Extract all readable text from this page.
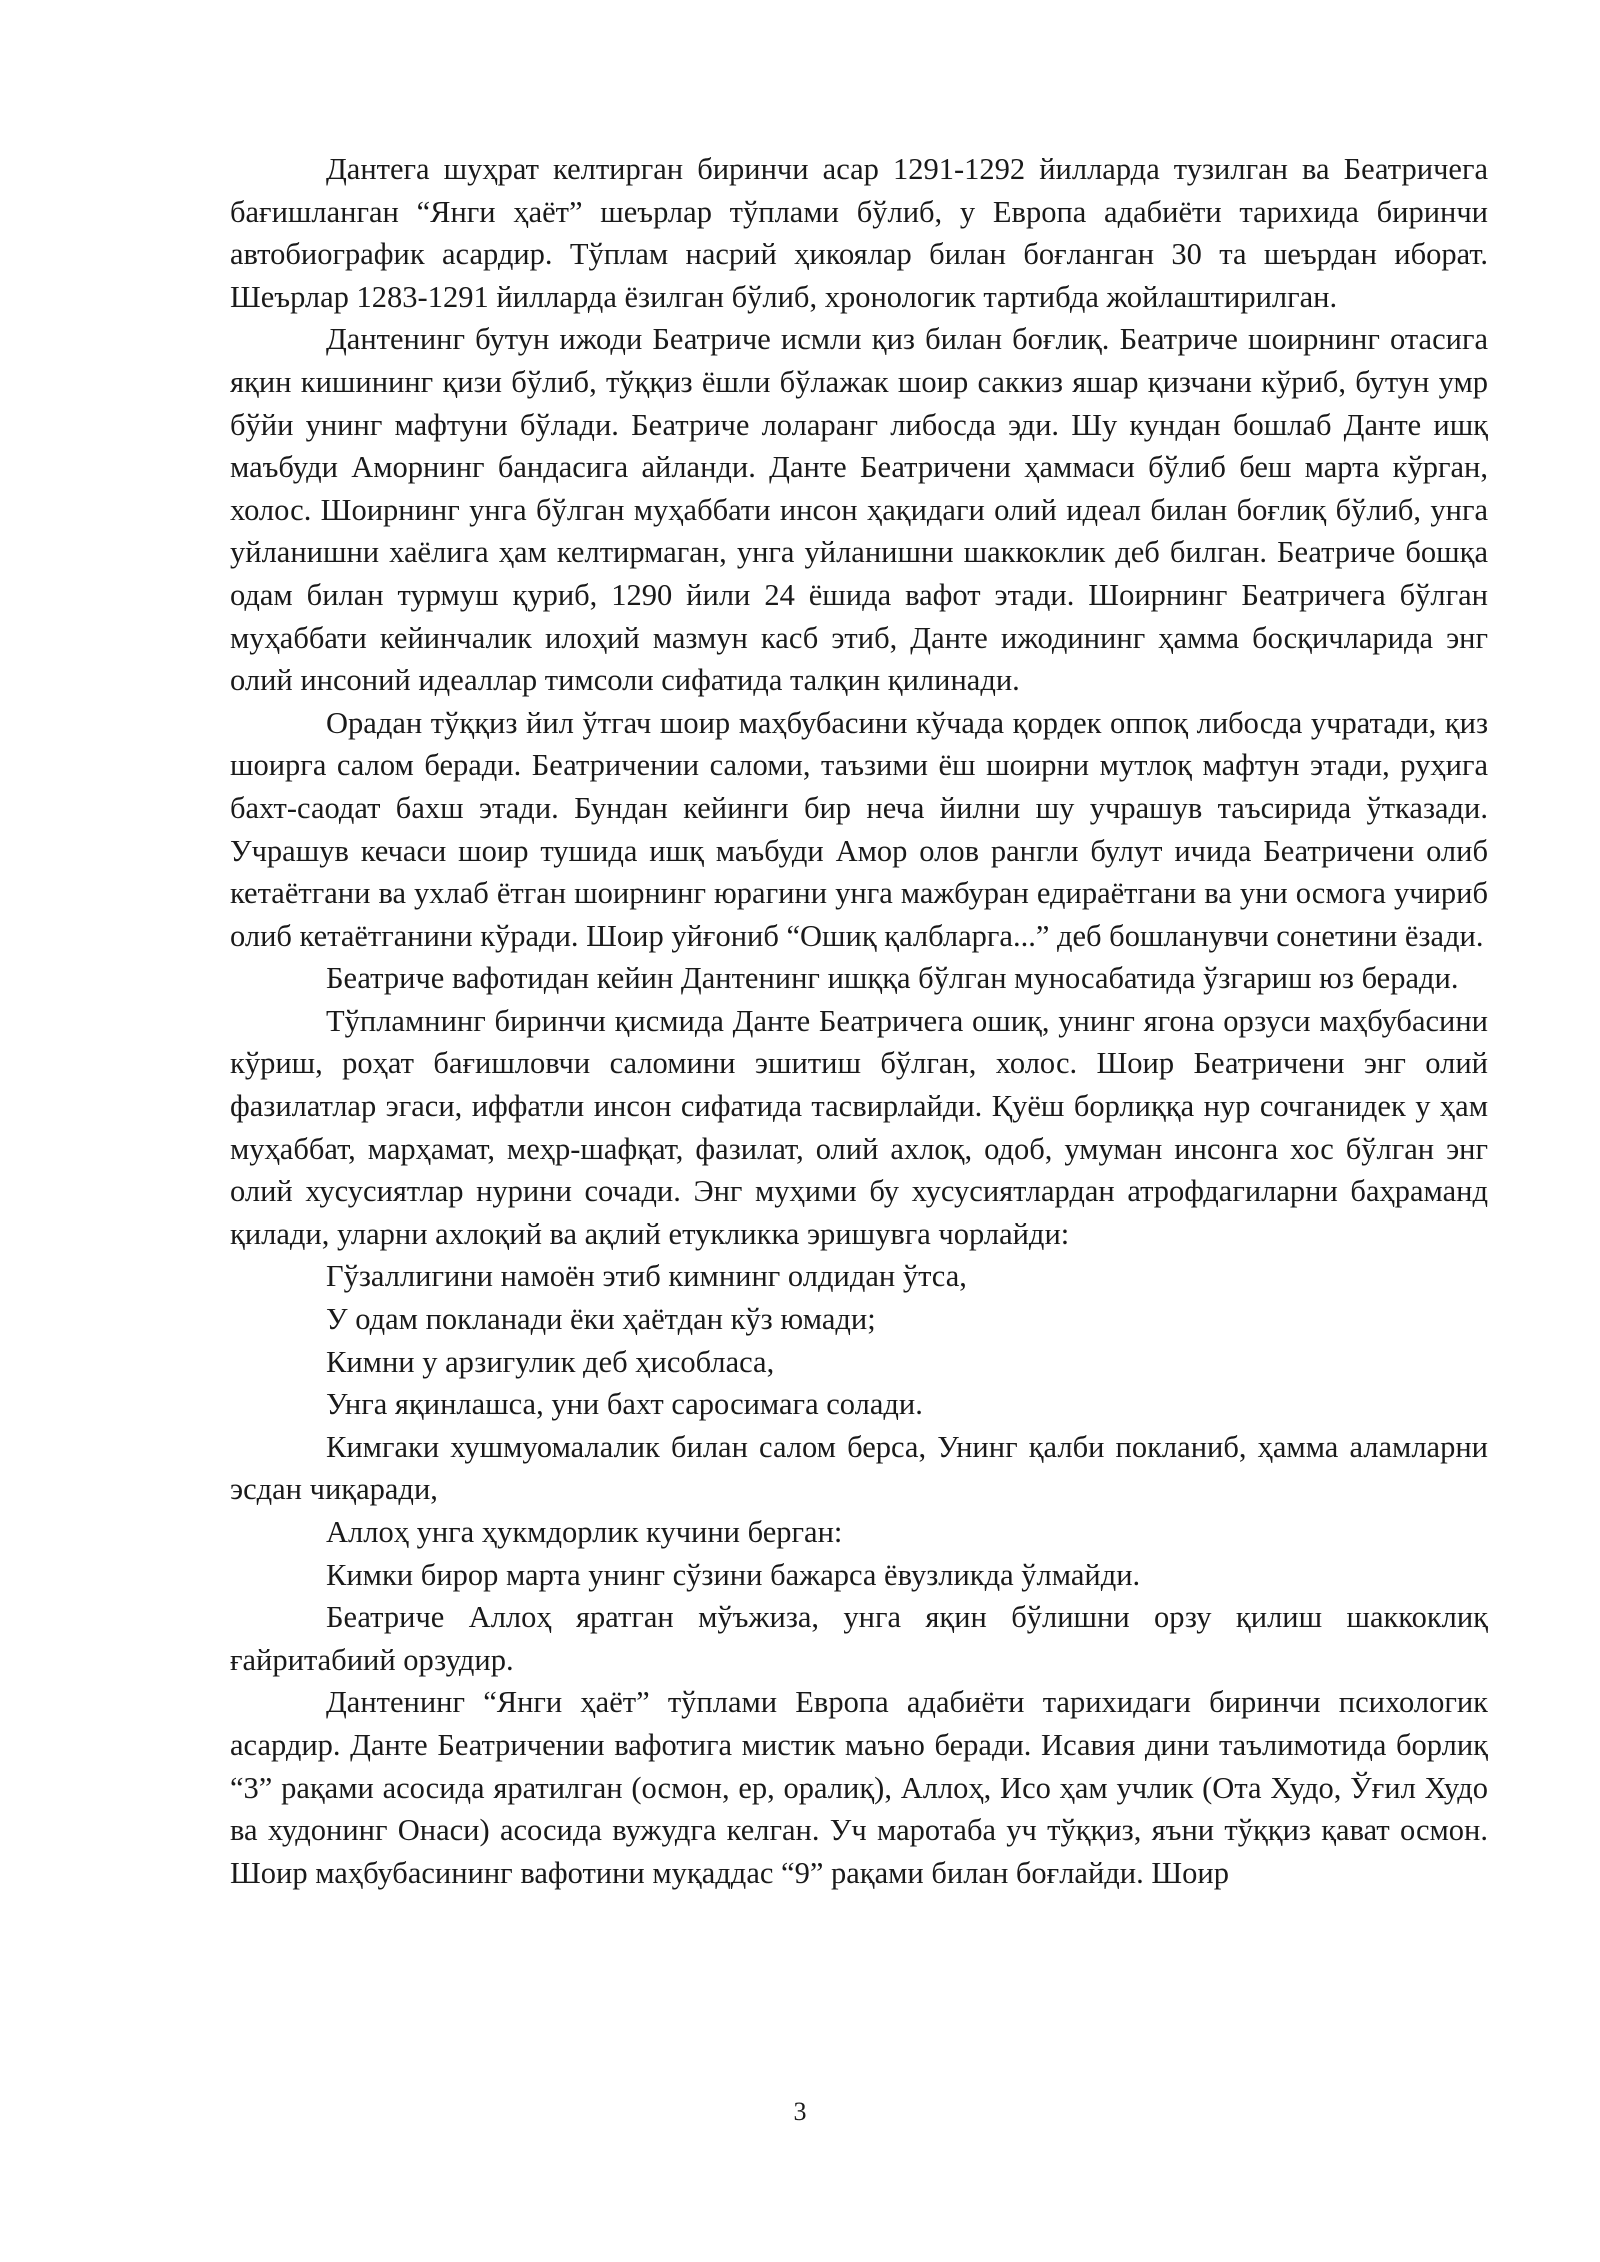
Дантега шуҳрат келтирган биринчи асар 1291-1292 йилларда тузилган ва Беатричега бағишланган “Янги ҳаёт” шеърлар тўплами бўлиб, у Европа адабиёти тарихида биринчи автобиографик асардир. Тўплам насрий ҳикоялар билан боғланган 30 та шеърдан иборат. Шеърлар 1283-1291 йилларда ёзилган бўлиб, хронологик тартибда жойлаштирилган.

Дантенинг бутун ижоди Беатриче исмли қиз билан боғлиқ. Беатриче шоирнинг отасига яқин кишининг қизи бўлиб, тўққиз ёшли бўлажак шоир саккиз яшар қизчани кўриб, бутун умр бўйи унинг мафтуни бўлади. Беатриче лоларанг либосда эди. Шу кундан бошлаб Данте ишқ маъбуди Аморнинг бандасига айланди. Данте Беатричени ҳаммаси бўлиб беш марта кўрган, холос. Шоирнинг унга бўлган муҳаббати инсон ҳақидаги олий идеал билан боғлиқ бўлиб, унга уйланишни хаёлига ҳам келтирмаган, унга уйланишни шаккоклик деб билган. Беатриче бошқа одам билан турмуш қуриб, 1290 йили 24 ёшида вафот этади. Шоирнинг Беатричега бўлган муҳаббати кейинчалик илоҳий мазмун касб этиб, Данте ижодининг ҳамма босқичларида энг олий инсоний идеаллар тимсоли сифатида талқин қилинади.

Орадан тўққиз йил ўтгач шоир маҳбубасини кўчада қордек оппоқ либосда учратади, қиз шоирга салом беради. Беатричении саломи, таъзими ёш шоирни мутлоқ мафтун этади, руҳига бахт-саодат бахш этади. Бундан кейинги бир неча йилни шу учрашув таъсирида ўтказади. Учрашув кечаси шоир тушида ишқ маъбуди Амор олов рангли булут ичида Беатричени олиб кетаётгани ва ухлаб ётган шоирнинг юрагини унга мажбуран едираётгани ва уни осмога учириб олиб кетаётганини кўради. Шоир уйғониб “Ошиқ қалбларга...” деб бошланувчи сонетини ёзади.

Беатриче вафотидан кейин Дантенинг ишққа бўлган муносабатида ўзгариш юз беради.

Тўпламнинг биринчи қисмида Данте Беатричега ошиқ, унинг ягона орзуси маҳбубасини кўриш, роҳат бағишловчи саломини эшитиш бўлган, холос. Шоир Беатричени энг олий фазилатлар эгаси, иффатли инсон сифатида тасвирлайди. Қуёш борлиққа нур сочганидек у ҳам муҳаббат, марҳамат, меҳр-шафқат, фазилат, олий ахлоқ, одоб, умуман инсонга хос бўлган энг олий хусусиятлар нурини сочади. Энг муҳими бу хусусиятлардан атрофдагиларни баҳраманд қилади, уларни ахлоқий ва ақлий етукликка эришувга чорлайди:

Гўзаллигини намоён этиб кимнинг олдидан ўтса,

У одам покланади ёки ҳаётдан кўз юмади;

Кимни у арзигулик деб ҳисобласа,

Унга яқинлашса, уни бахт саросимага солади.

Кимгаки хушмуомалалик билан салом берса, Унинг қалби покланиб, ҳамма аламларни эсдан чиқаради,

Аллоҳ унга ҳукмдорлик кучини берган:

Кимки бирор марта унинг сўзини бажарса ёвузликда ўлмайди.

Беатриче Аллоҳ яратган мўъжиза, унга яқин бўлишни орзу қилиш шаккоклиқ ғайритабиий орзудир.

Дантенинг “Янги ҳаёт” тўплами Европа адабиёти тарихидаги биринчи психологик асардир. Данте Беатричении вафотига мистик маъно беради. Исавия дини таълимотида борлиқ “3” рақами асосида яратилган (осмон, ер, оралиқ), Аллоҳ, Исо ҳам учлик (Ота Худо, Ўғил Худо ва худонинг Онаси) асосида вужудга келган. Уч маротаба уч тўққиз, яъни тўққиз қават осмон. Шоир маҳбубасининг вафотини муқаддас “9” рақами билан боғлайди. Шоир

3
